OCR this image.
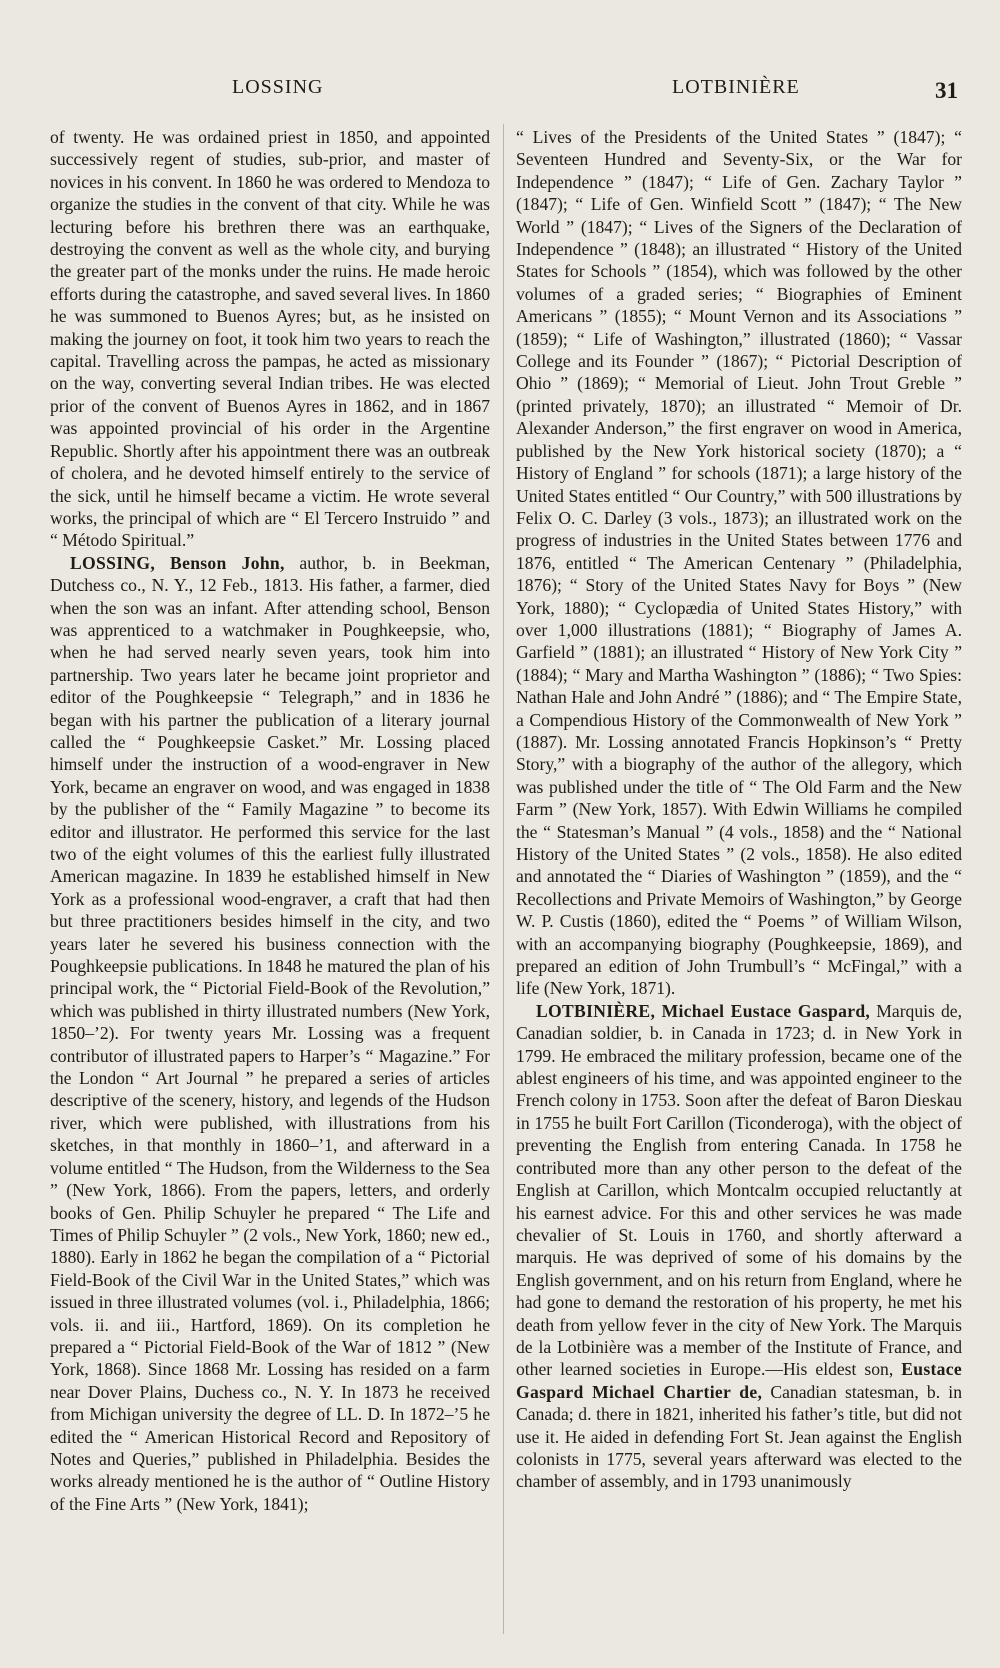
LOSSING	LOTBINIÈRE	31

of twenty. He was ordained priest in 1850, and appointed successively regent of studies, sub-prior, and master of novices in his convent. In 1860 he was ordered to Mendoza to organize the studies in the convent of that city. While he was lecturing before his brethren there was an earthquake, destroying the convent as well as the whole city, and burying the greater part of the monks under the ruins. He made heroic efforts during the catastrophe, and saved several lives. In 1860 he was summoned to Buenos Ayres; but, as he insisted on making the journey on foot, it took him two years to reach the capital. Travelling across the pampas, he acted as missionary on the way, converting several Indian tribes. He was elected prior of the convent of Buenos Ayres in 1862, and in 1867 was appointed provincial of his order in the Argentine Republic. Shortly after his appointment there was an outbreak of cholera, and he devoted himself entirely to the service of the sick, until he himself became a victim. He wrote several works, the principal of which are “ El Tercero Instruido ” and “ Método Spiritual.”

LOSSING, Benson John, author, b. in Beekman, Dutchess co., N. Y., 12 Feb., 1813. His father, a farmer, died when the son was an infant. After attending school, Benson was apprenticed to a watchmaker in Poughkeepsie, who, when he had served nearly seven years, took him into partnership. Two years later he became joint proprietor and editor of the Poughkeepsie “ Telegraph,” and in 1836 he began with his partner the publication of a literary journal called the “ Poughkeepsie Casket.” Mr. Lossing placed himself under the instruction of a wood-engraver in New York, became an engraver on wood, and was engaged in 1838 by the publisher of the “ Family Magazine ” to become its editor and illustrator. He performed this service for the last two of the eight volumes of this the earliest fully illustrated American magazine. In 1839 he established himself in New York as a professional wood-engraver, a craft that had then but three practitioners besides himself in the city, and two years later he severed his business connection with the Poughkeepsie publications. In 1848 he matured the plan of his principal work, the “ Pictorial Field-Book of the Revolution,” which was published in thirty illustrated numbers (New York, 1850–’2). For twenty years Mr. Lossing was a frequent contributor of illustrated papers to Harper’s “ Magazine.” For the London “ Art Journal ” he prepared a series of articles descriptive of the scenery, history, and legends of the Hudson river, which were published, with illustrations from his sketches, in that monthly in 1860–’1, and afterward in a volume entitled “ The Hudson, from the Wilderness to the Sea ” (New York, 1866). From the papers, letters, and orderly books of Gen. Philip Schuyler he prepared “ The Life and Times of Philip Schuyler ” (2 vols., New York, 1860; new ed., 1880). Early in 1862 he began the compilation of a “ Pictorial Field-Book of the Civil War in the United States,” which was issued in three illustrated volumes (vol. i., Philadelphia, 1866; vols. ii. and iii., Hartford, 1869). On its completion he prepared a “ Pictorial Field-Book of the War of 1812 ” (New York, 1868). Since 1868 Mr. Lossing has resided on a farm near Dover Plains, Duchess co., N. Y. In 1873 he received from Michigan university the degree of LL. D. In 1872–’5 he edited the “ American Historical Record and Repository of Notes and Queries,” published in Philadelphia. Besides the works already mentioned he is the author of “ Outline History of the Fine Arts ” (New York, 1841);

“ Lives of the Presidents of the United States ” (1847); “ Seventeen Hundred and Seventy-Six, or the War for Independence ” (1847); “ Life of Gen. Zachary Taylor ” (1847); “ Life of Gen. Winfield Scott ” (1847); “ The New World ” (1847); “ Lives of the Signers of the Declaration of Independence ” (1848); an illustrated “ History of the United States for Schools ” (1854), which was followed by the other volumes of a graded series; “ Biographies of Eminent Americans ” (1855); “ Mount Vernon and its Associations ” (1859); “ Life of Washington,” illustrated (1860); “ Vassar College and its Founder ” (1867); “ Pictorial Description of Ohio ” (1869); “ Memorial of Lieut. John Trout Greble ” (printed privately, 1870); an illustrated “ Memoir of Dr. Alexander Anderson,” the first engraver on wood in America, published by the New York historical society (1870); a “ History of England ” for schools (1871); a large history of the United States entitled “ Our Country,” with 500 illustrations by Felix O. C. Darley (3 vols., 1873); an illustrated work on the progress of industries in the United States between 1776 and 1876, entitled “ The American Centenary ” (Philadelphia, 1876); “ Story of the United States Navy for Boys ” (New York, 1880); “ Cyclopædia of United States History,” with over 1,000 illustrations (1881); “ Biography of James A. Garfield ” (1881); an illustrated “ History of New York City ” (1884); “ Mary and Martha Washington ” (1886); “ Two Spies: Nathan Hale and John André ” (1886); and “ The Empire State, a Compendious History of the Commonwealth of New York ” (1887). Mr. Lossing annotated Francis Hopkinson’s “ Pretty Story,” with a biography of the author of the allegory, which was published under the title of “ The Old Farm and the New Farm ” (New York, 1857). With Edwin Williams he compiled the “ Statesman’s Manual ” (4 vols., 1858) and the “ National History of the United States ” (2 vols., 1858). He also edited and annotated the “ Diaries of Washington ” (1859), and the “ Recollections and Private Memoirs of Washington,” by George W. P. Custis (1860), edited the “ Poems ” of William Wilson, with an accompanying biography (Poughkeepsie, 1869), and prepared an edition of John Trumbull’s “ McFingal,” with a life (New York, 1871).

LOTBINIÈRE, Michael Eustace Gaspard, Marquis de, Canadian soldier, b. in Canada in 1723; d. in New York in 1799. He embraced the military profession, became one of the ablest engineers of his time, and was appointed engineer to the French colony in 1753. Soon after the defeat of Baron Dieskau in 1755 he built Fort Carillon (Ticonderoga), with the object of preventing the English from entering Canada. In 1758 he contributed more than any other person to the defeat of the English at Carillon, which Montcalm occupied reluctantly at his earnest advice. For this and other services he was made chevalier of St. Louis in 1760, and shortly afterward a marquis. He was deprived of some of his domains by the English government, and on his return from England, where he had gone to demand the restoration of his property, he met his death from yellow fever in the city of New York. The Marquis de la Lotbinière was a member of the Institute of France, and other learned societies in Europe.—His eldest son, Eustace Gaspard Michael Chartier de, Canadian statesman, b. in Canada; d. there in 1821, inherited his father’s title, but did not use it. He aided in defending Fort St. Jean against the English colonists in 1775, several years afterward was elected to the chamber of assembly, and in 1793 unanimously
